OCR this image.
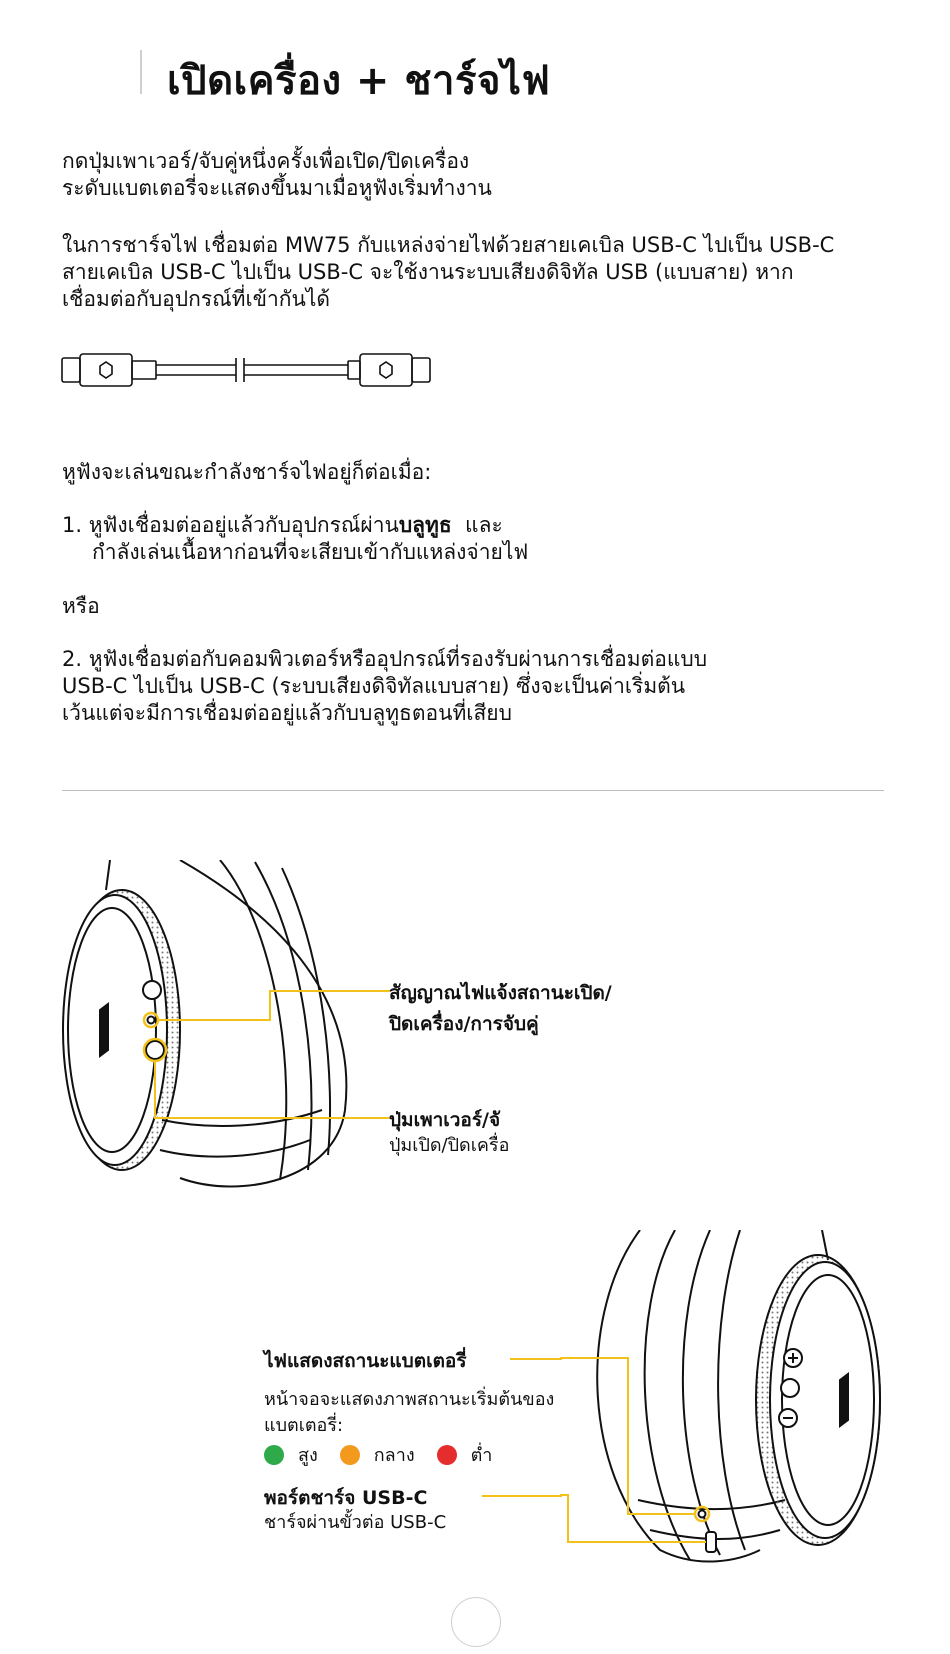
เปิดเครื่อง + ชาร์จไฟ

กดปุ่มเพาเวอร์/จับคู่หนึ่งครั้งเพื่อเปิด/ปิดเครื่อง

ระดับแบตเตอรี่จะแสดงขึ้นมาเมื่อหูฟังเริ่มทำงาน

ในการชาร์จไฟ เชื่อมต่อ MW75 กับแหล่งจ่ายไฟด้วยสายเคเบิล USB-C ไปเป็น USB-C

สายเคเบิล USB-C ไปเป็น USB-C จะใช้งานระบบเสียงดิจิทัล USB (แบบสาย) หาก

เชื่อมต่อกับอุปกรณ์ที่เข้ากันได้

หูฟังจะเล่นขณะกำลังชาร์จไฟอยู่ก็ต่อเมื่อ:

1. หูฟังเชื่อมต่ออยู่แล้วกับอุปกรณ์ผ่านบลูทูธ  และ

กำลังเล่นเนื้อหาก่อนที่จะเสียบเข้ากับแหล่งจ่ายไฟ

หรือ

2. หูฟังเชื่อมต่อกับคอมพิวเตอร์หรืออุปกรณ์ที่รองรับผ่านการเชื่อมต่อแบบ

USB-C ไปเป็น USB-C (ระบบเสียงดิจิทัลแบบสาย) ซึ่งจะเป็นค่าเริ่มต้น

เว้นแต่จะมีการเชื่อมต่ออยู่แล้วกับบลูทูธตอนที่เสียบ

สัญญาณไฟแจ้งสถานะเปิด/

ปิดเครื่อง/การจับคู่

ปุ่มเพาเวอร์/จั

ปุ่มเปิด/ปิดเครื่อ

ไฟแสดงสถานะแบตเตอรี่

หน้าจอจะแสดงภาพสถานะเริ่มต้นของ

แบตเตอรี่:

สูง	กลาง	ต่ำ

พอร์ตชาร์จ USB-C

ชาร์จผ่านขั้วต่อ USB-C
